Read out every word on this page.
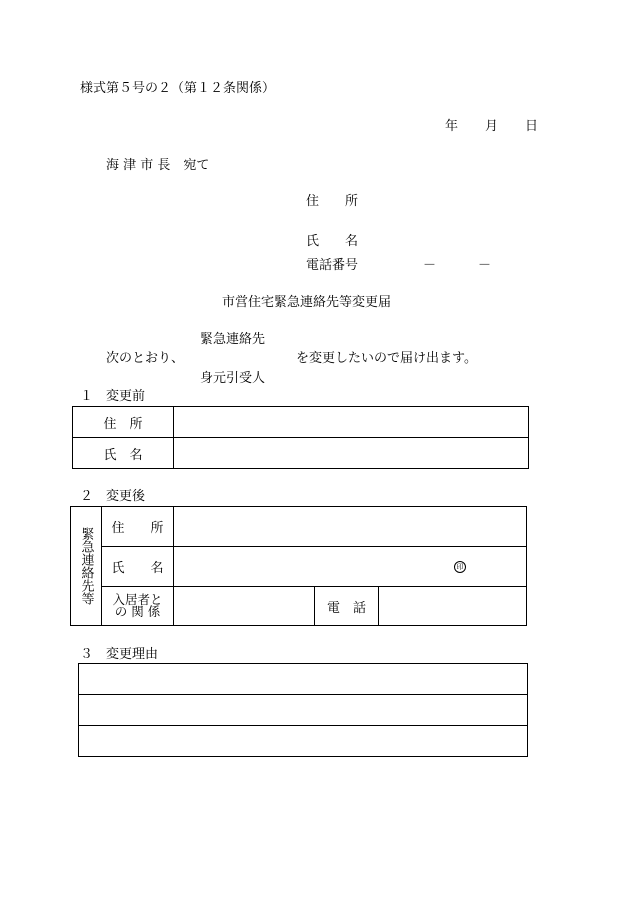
様式第５号の２（第１２条関係）
年 月 日
海 津 市 長　宛て
住　　所
氏　　名
電話番号	－	－
市営住宅緊急連絡先等変更届
緊急連絡先
次のとおり、	を変更したいので届け出ます。
身元引受人
１　変更前
住　所	

氏　名	
２　変更後
緊急連絡先等	住　　所	

	氏　　名	印		

	入居者と
の 関 係		電　話	
３　変更理由
